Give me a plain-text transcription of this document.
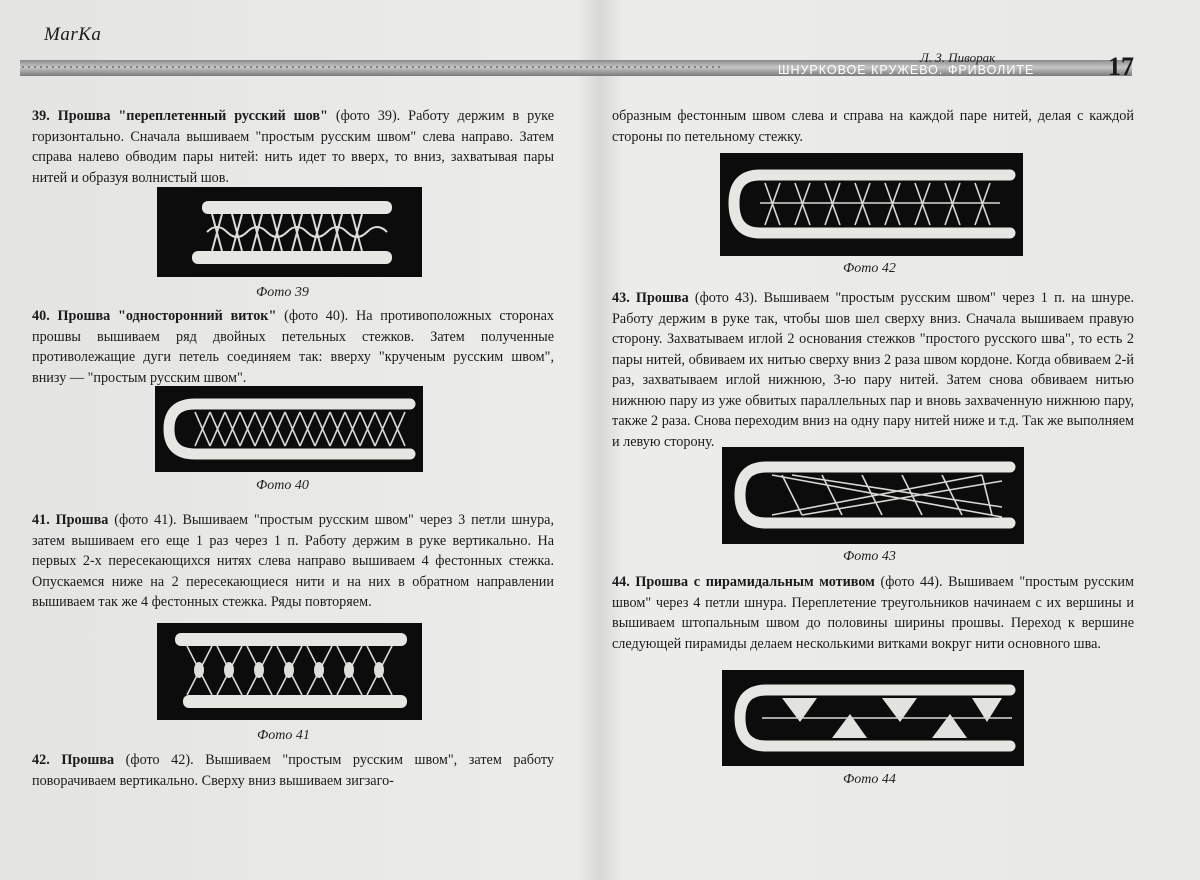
MarKa
Л. З. Пиворак
ШНУРКОВОЕ КРУЖЕВО. ФРИВОЛИТЕ	17

39. Прошва "переплетенный русский шов" (фото 39). Работу держим в руке горизонтально. Сначала вышиваем "простым русским швом" слева направо. Затем справа налево обводим пары нитей: нить идет то вверх, то вниз, захватывая пары нитей и образуя волнистый шов.

Фото 39

40. Прошва "односторонний виток" (фото 40). На противоположных сторонах прошвы вышиваем ряд двойных петельных стежков. Затем полученные противолежащие дуги петель соединяем так: вверху "крученым русским швом", внизу — "простым русским швом".

Фото 40

41. Прошва (фото 41). Вышиваем "простым русским швом" через 3 петли шнура, затем вышиваем его еще 1 раз через 1 п. Работу держим в руке вертикально. На первых 2-х пересекающихся нитях слева направо вышиваем 4 фестонных стежка. Опускаемся ниже на 2 пересекающиеся нити и на них в обратном направлении вышиваем так же 4 фестонных стежка. Ряды повторяем.

Фото 41

42. Прошва (фото 42). Вышиваем "простым русским швом", затем работу поворачиваем вертикально. Сверху вниз вышиваем зигзаго-

образным фестонным швом слева и справа на каждой паре нитей, делая с каждой стороны по петельному стежку.

Фото 42

43. Прошва (фото 43). Вышиваем "простым русским швом" через 1 п. на шнуре. Работу держим в руке так, чтобы шов шел сверху вниз. Сначала вышиваем правую сторону. Захватываем иглой 2 основания стежков "простого русского шва", то есть 2 пары нитей, обвиваем их нитью сверху вниз 2 раза швом кордоне. Когда обвиваем 2-й раз, захватываем иглой нижнюю, 3-ю пару нитей. Затем снова обвиваем нитью нижнюю пару из уже обвитых параллельных пар и вновь захваченную нижнюю пару, также 2 раза. Снова переходим вниз на одну пару нитей ниже и т.д. Так же выполняем и левую сторону.

Фото 43

44. Прошва с пирамидальным мотивом (фото 44). Вышиваем "простым русским швом" через 4 петли шнура. Переплетение треугольников начинаем с их вершины и вышиваем штопальным швом до половины ширины прошвы. Переход к вершине следующей пирамиды делаем несколькими витками вокруг нити основного шва.

Фото 44
